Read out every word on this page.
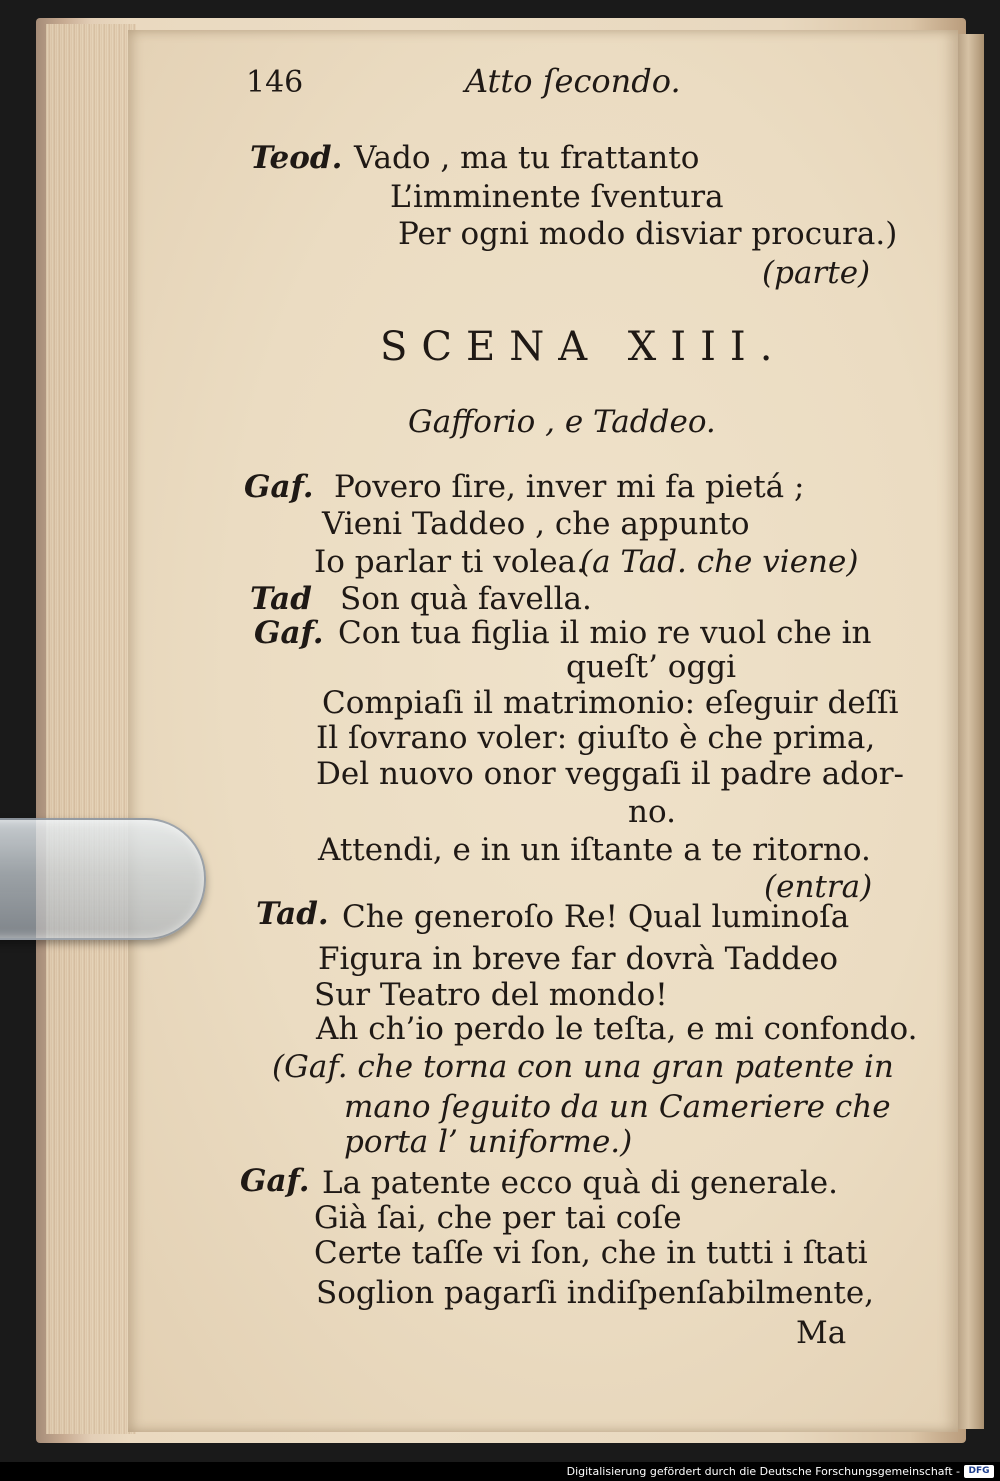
146	Atto ſecondo.
Teod. Vado , ma tu frattanto
L’imminente ſventura
Per ogni modo disviar procura.)
(parte)
SCENA XIII.
Gafforio , e Taddeo.
Gaf. Povero ſire, inver mi fa pietá ;
Vieni Taddeo , che appunto
Io parlar ti volea.
(a Tad. che viene)
Tad Son quà favella.
Gaf. Con tua figlia il mio re vuol che in
queſt’ oggi
Compiaſi il matrimonio: eſeguir deſſi
Il ſovrano voler: giuſto è che prima,
Del nuovo onor veggaſi il padre ador-
no.
Attendi, e in un iſtante a te ritorno.
(entra)
Tad. Che generoſo Re! Qual luminoſa
Figura in breve far dovrà Taddeo
Sur Teatro del mondo!
Ah ch’io perdo le teſta, e mi confondo.
(Gaf. che torna con una gran patente in
mano ſeguito da un Cameriere che
porta l’ uniforme.)
Gaf. La patente ecco quà di generale.
Già ſai, che per tai coſe
Certe taſſe vi ſon, che in tutti i ſtati
Soglion pagarſi indiſpenſabilmente,
Ma
Digitalisierung gefördert durch die Deutsche Forschungsgemeinschaft - DFG
